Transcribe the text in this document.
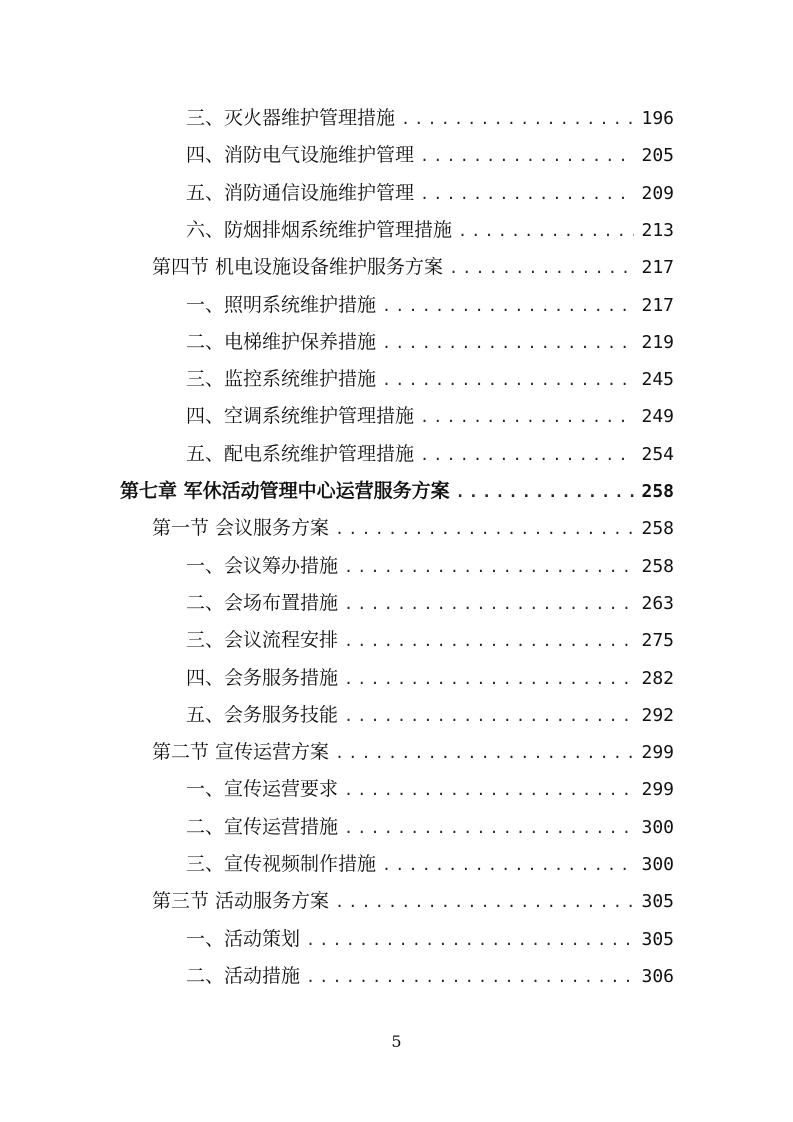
三、灭火器维护管理措施 .....	196
四、消防电气设施维护管理 .....	205
五、消防通信设施维护管理 .....	209
六、防烟排烟系统维护管理措施 .....	213
第四节 机电设施设备维护服务方案 .....	217
一、照明系统维护措施 .....	217
二、电梯维护保养措施 .....	219
三、监控系统维护措施 .....	245
四、空调系统维护管理措施 .....	249
五、配电系统维护管理措施 .....	254
第七章 军休活动管理中心运营服务方案 .....	258
第一节 会议服务方案 .....	258
一、会议筹办措施 .....	258
二、会场布置措施 .....	263
三、会议流程安排 .....	275
四、会务服务措施 .....	282
五、会务服务技能 .....	292
第二节 宣传运营方案 .....	299
一、宣传运营要求 .....	299
二、宣传运营措施 .....	300
三、宣传视频制作措施 .....	300
第三节 活动服务方案 .....	305
一、活动策划 .....	305
二、活动措施 .....	306
5
